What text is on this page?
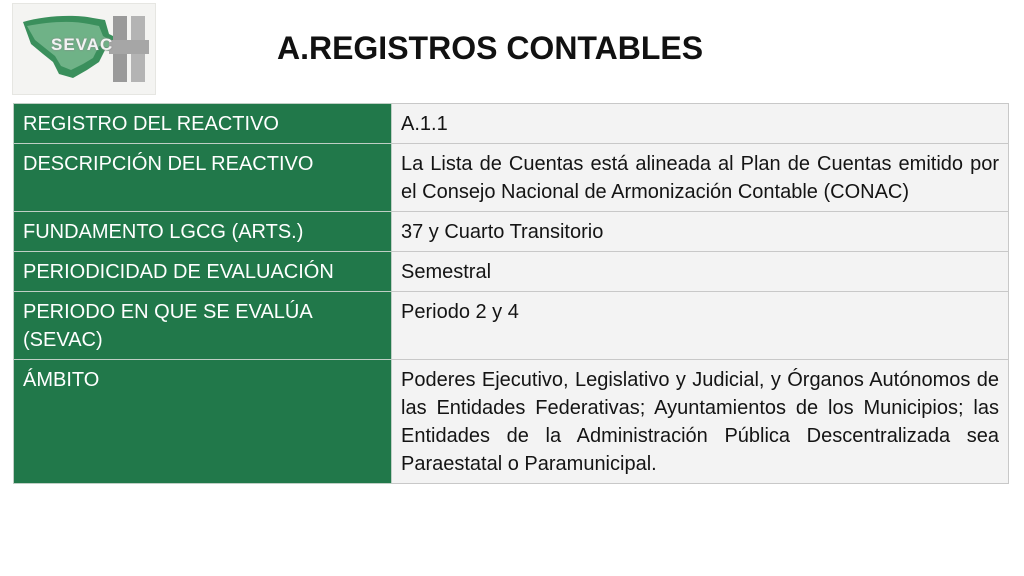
SEVAC	A.REGISTROS CONTABLES
REGISTRO DEL REACTIVO	A.1.1
DESCRIPCIÓN DEL REACTIVO	La Lista de Cuentas está alineada al Plan de Cuentas emitido por el Consejo Nacional de Armonización Contable (CONAC)
FUNDAMENTO LGCG (ARTS.)	37 y Cuarto Transitorio
PERIODICIDAD DE EVALUACIÓN	Semestral
PERIODO EN QUE SE EVALÚA (SEVAC)	Periodo 2 y 4
ÁMBITO	Poderes Ejecutivo, Legislativo y Judicial, y Órganos Autónomos de las Entidades Federativas; Ayuntamientos de los Municipios; las Entidades de la Administración Pública Descentralizada sea Paraestatal o Paramunicipal.
